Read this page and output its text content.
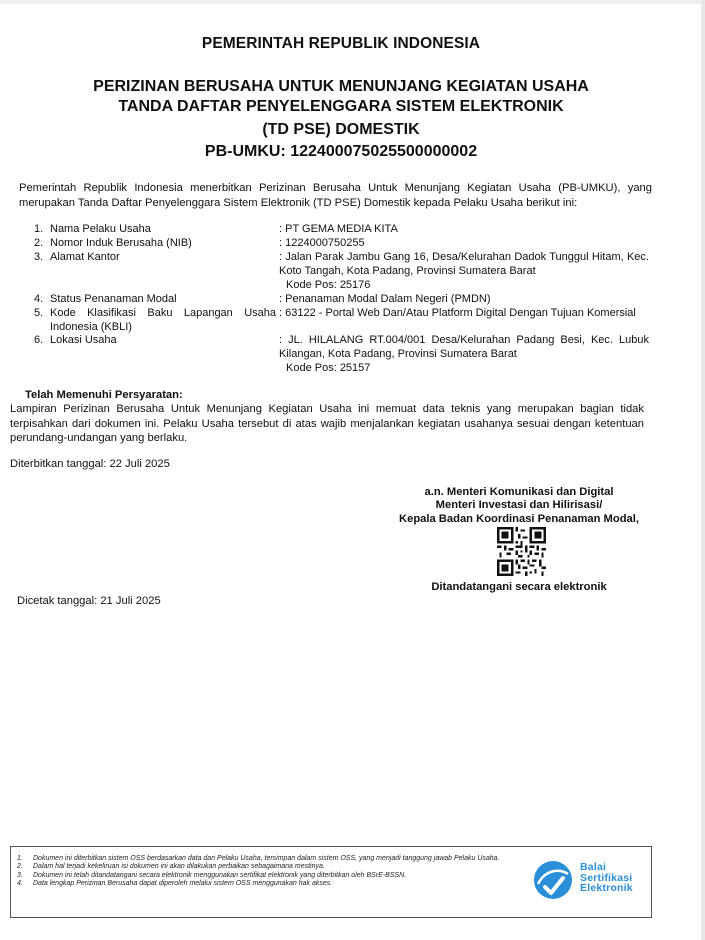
PEMERINTAH REPUBLIK INDONESIA
PERIZINAN BERUSAHA UNTUK MENUNJANG KEGIATAN USAHA
TANDA DAFTAR PENYELENGGARA SISTEM ELEKTRONIK
(TD PSE) DOMESTIK
PB-UMKU: 122400075025500000002
Pemerintah Republik Indonesia menerbitkan Perizinan Berusaha Untuk Menunjang Kegiatan Usaha (PB-UMKU), yang merupakan Tanda Daftar Penyelenggara Sistem Elektronik (TD PSE) Domestik kepada Pelaku Usaha berikut ini:
1. Nama Pelaku Usaha	: PT GEMA MEDIA KITA
2. Nomor Induk Berusaha (NIB)	: 1224000750255
3. Alamat Kantor	: Jalan Parak Jambu Gang 16, Desa/Kelurahan Dadok Tunggul Hitam, Kec. Koto Tangah, Kota Padang, Provinsi Sumatera Barat
Kode Pos: 25176
4. Status Penanaman Modal	: Penanaman Modal Dalam Negeri (PMDN)
5. Kode Klasifikasi Baku Lapangan Usaha
Indonesia (KBLI)
: 63122 - Portal Web Dan/Atau Platform Digital Dengan Tujuan Komersial
6. Lokasi Usaha	: JL. HILALANG RT.004/001 Desa/Kelurahan Padang Besi, Kec. Lubuk Kilangan, Kota Padang, Provinsi Sumatera Barat
Kode Pos: 25157
Telah Memenuhi Persyaratan:
Lampiran Perizinan Berusaha Untuk Menunjang Kegiatan Usaha ini memuat data teknis yang merupakan bagian tidak terpisahkan dari dokumen ini. Pelaku Usaha tersebut di atas wajib menjalankan kegiatan usahanya sesuai dengan ketentuan perundang-undangan yang berlaku.
Diterbitkan tanggal: 22 Juli 2025
a.n. Menteri Komunikasi dan Digital
Menteri Investasi dan Hilirisasi/
Kepala Badan Koordinasi Penanaman Modal,
Ditandatangani secara elektronik
Dicetak tanggal: 21 Juli 2025
1. Dokumen ini diterbitkan sistem OSS berdasarkan data dari Pelaku Usaha, tersimpan dalam sistem OSS, yang menjadi tanggung jawab Pelaku Usaha.
2. Dalam hal terjadi kekeliruan isi dokumen ini akan dilakukan perbaikan sebagaimana mestinya.
3. Dokumen ini telah ditandatangani secara elektronik menggunakan sertifikat elektronik yang diterbitkan oleh BSrE-BSSN.
4. Data lengkap Perizinan Berusaha dapat diperoleh melalui sistem OSS menggunakan hak akses.
Balai
Sertifikasi
Elektronik
